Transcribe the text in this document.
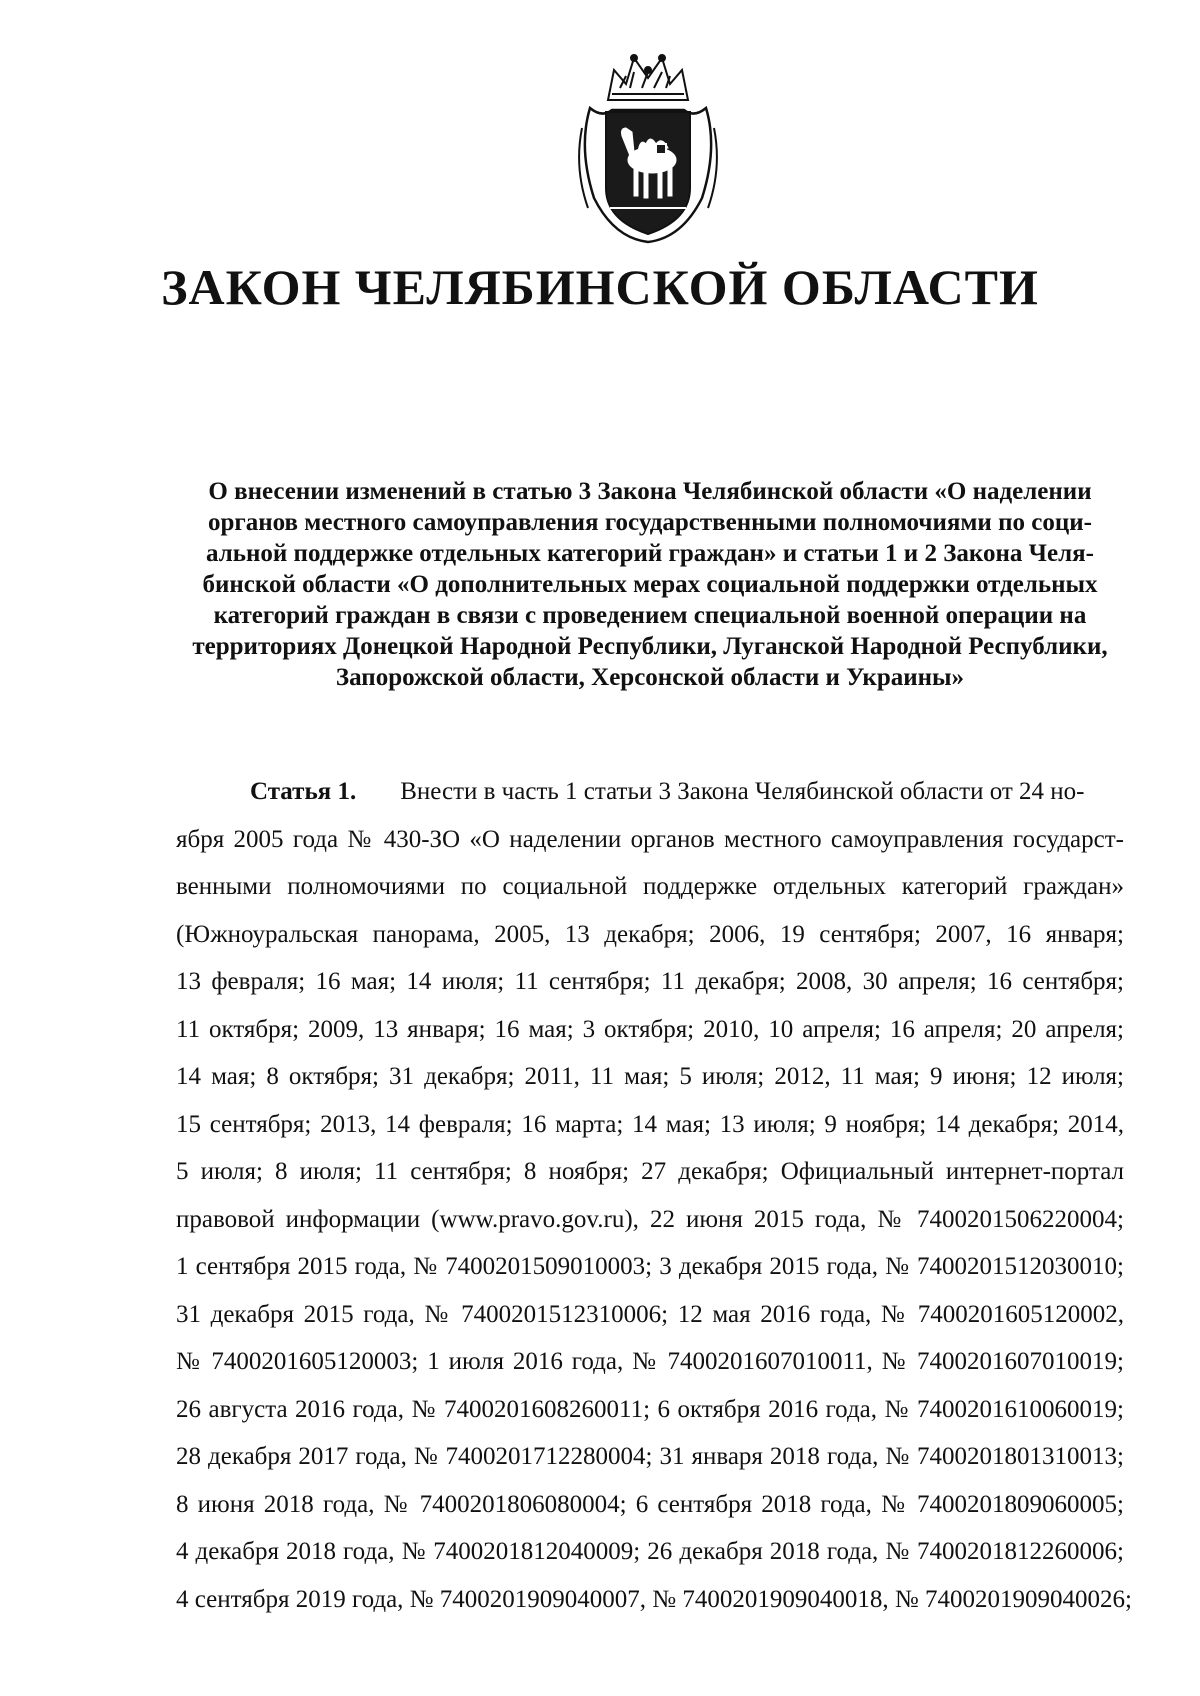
ЗАКОН ЧЕЛЯБИНСКОЙ ОБЛАСТИ
О внесении изменений в статью 3 Закона Челябинской области «О наделении
органов местного самоуправления государственными полномочиями по соци-
альной поддержке отдельных категорий граждан» и статьи 1 и 2 Закона Челя-
бинской области «О дополнительных мерах социальной поддержки отдельных
категорий граждан в связи с проведением специальной военной операции на
территориях Донецкой Народной Республики, Луганской Народной Республики,
Запорожской области, Херсонской области и Украины»
Статья 1. Внести в часть 1 статьи 3 Закона Челябинской области от 24 но-
ября 2005 года № 430-ЗО «О наделении органов местного самоуправления государст-
венными полномочиями по социальной поддержке отдельных категорий граждан»
(Южноуральская панорама, 2005, 13 декабря; 2006, 19 сентября; 2007, 16 января;
13 февраля; 16 мая; 14 июля; 11 сентября; 11 декабря; 2008, 30 апреля; 16 сентября;
11 октября; 2009, 13 января; 16 мая; 3 октября; 2010, 10 апреля; 16 апреля; 20 апреля;
14 мая; 8 октября; 31 декабря; 2011, 11 мая; 5 июля; 2012, 11 мая; 9 июня; 12 июля;
15 сентября; 2013, 14 февраля; 16 марта; 14 мая; 13 июля; 9 ноября; 14 декабря; 2014,
5 июля; 8 июля; 11 сентября; 8 ноября; 27 декабря; Официальный интернет-портал
правовой информации (www.pravo.gov.ru), 22 июня 2015 года, № 7400201506220004;
1 сентября 2015 года, № 7400201509010003; 3 декабря 2015 года, № 7400201512030010;
31 декабря 2015 года, № 7400201512310006; 12 мая 2016 года, № 7400201605120002,
№ 7400201605120003; 1 июля 2016 года, № 7400201607010011, № 7400201607010019;
26 августа 2016 года, № 7400201608260011; 6 октября 2016 года, № 7400201610060019;
28 декабря 2017 года, № 7400201712280004; 31 января 2018 года, № 7400201801310013;
8 июня 2018 года, № 7400201806080004; 6 сентября 2018 года, № 7400201809060005;
4 декабря 2018 года, № 7400201812040009; 26 декабря 2018 года, № 7400201812260006;
4 сентября 2019 года, № 7400201909040007, № 7400201909040018, № 7400201909040026;
